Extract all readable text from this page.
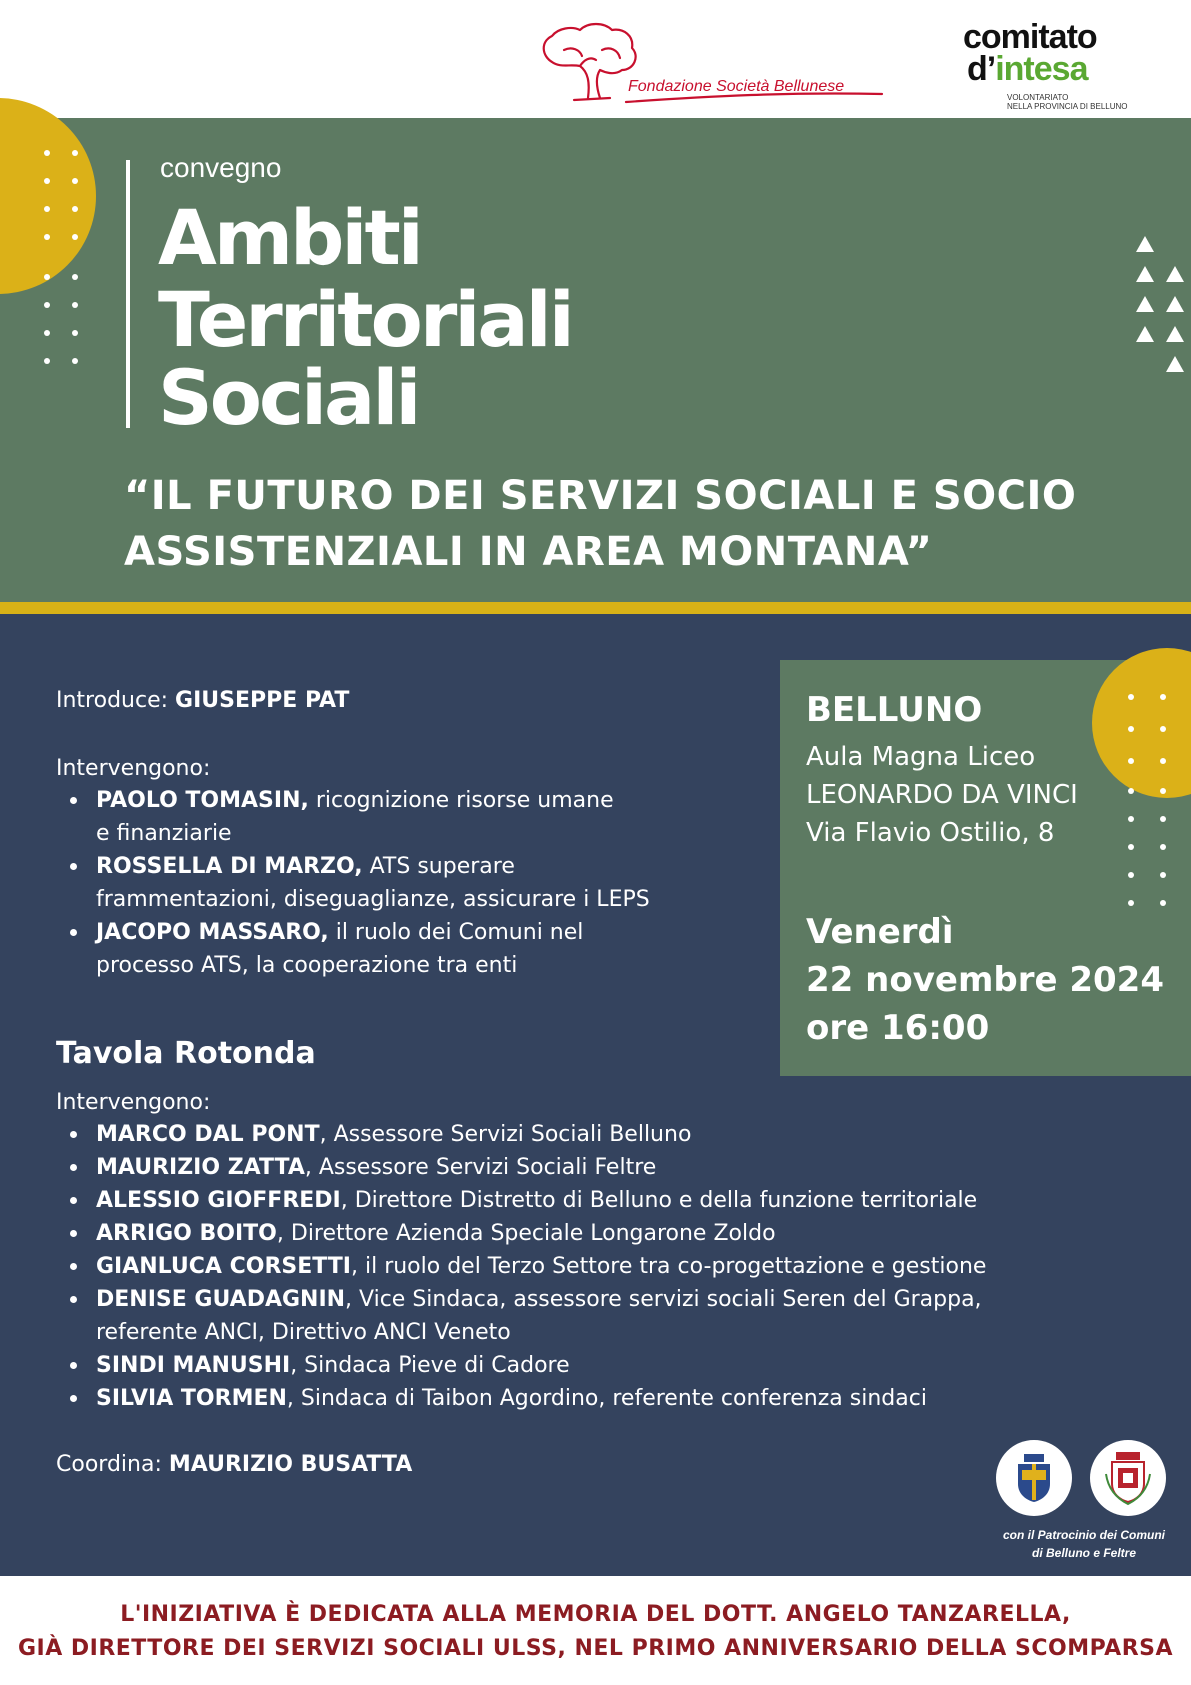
Fondazione Società Bellunese
comitato
d’intesa
VOLONTARIATO
NELLA PROVINCIA DI BELLUNO
convegno
Ambiti
Territoriali
Sociali
“IL FUTURO DEI SERVIZI SOCIALI E SOCIO
ASSISTENZIALI IN AREA MONTANA”
BELLUNO
Aula Magna Liceo
LEONARDO DA VINCI
Via Flavio Ostilio, 8
Venerdì
22 novembre 2024
ore 16:00
Introduce: GIUSEPPE PAT
Intervengono:
PAOLO TOMASIN, ricognizione risorse umane
e finanziarie
ROSSELLA DI MARZO, ATS superare
frammentazioni, diseguaglianze, assicurare i LEPS
JACOPO MASSARO, il ruolo dei Comuni nel
processo ATS, la cooperazione tra enti
Tavola Rotonda
Intervengono:
MARCO DAL PONT, Assessore Servizi Sociali Belluno
MAURIZIO ZATTA, Assessore Servizi Sociali Feltre
ALESSIO GIOFFREDI, Direttore Distretto di Belluno e della funzione territoriale
ARRIGO BOITO, Direttore Azienda Speciale Longarone Zoldo
GIANLUCA CORSETTI, il ruolo del Terzo Settore tra co-progettazione e gestione
DENISE GUADAGNIN, Vice Sindaca, assessore servizi sociali Seren del Grappa,
referente ANCI, Direttivo ANCI Veneto
SINDI MANUSHI, Sindaca Pieve di Cadore
SILVIA TORMEN, Sindaca di Taibon Agordino, referente conferenza sindaci
Coordina: MAURIZIO BUSATTA
con il Patrocinio dei Comuni
di Belluno e Feltre
L'INIZIATIVA È DEDICATA ALLA MEMORIA DEL DOTT. ANGELO TANZARELLA,
GIÀ DIRETTORE DEI SERVIZI SOCIALI ULSS, NEL PRIMO ANNIVERSARIO DELLA SCOMPARSA
